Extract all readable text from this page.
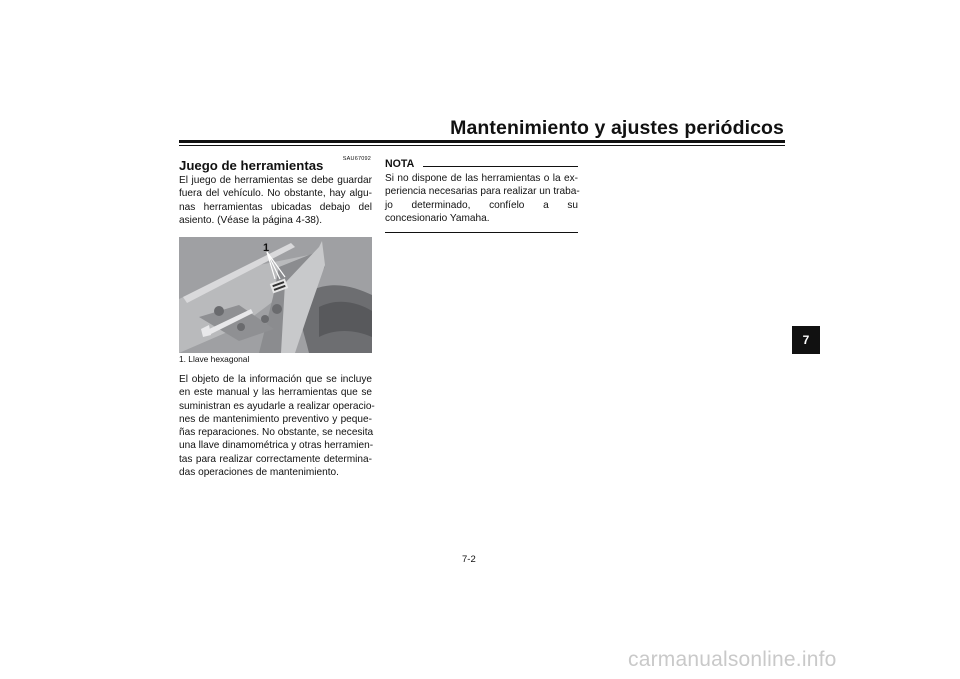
Mantenimiento y ajustes periódicos
SAU67092
Juego de herramientas
El juego de herramientas se debe guardar
fuera del vehículo. No obstante, hay algu-
nas herramientas ubicadas debajo del
asiento. (Véase la página 4-38).
1
1. Llave hexagonal
El objeto de la información que se incluye
en este manual y las herramientas que se
suministran es ayudarle a realizar operacio-
nes de mantenimiento preventivo y peque-
ñas reparaciones. No obstante, se necesita
una llave dinamométrica y otras herramien-
tas para realizar correctamente determina-
das operaciones de mantenimiento.
NOTA
Si no dispone de las herramientas o la ex-
periencia necesarias para realizar un traba-
jo determinado, confíelo a su
concesionario Yamaha.
7
7-2
carmanualsonline.info
